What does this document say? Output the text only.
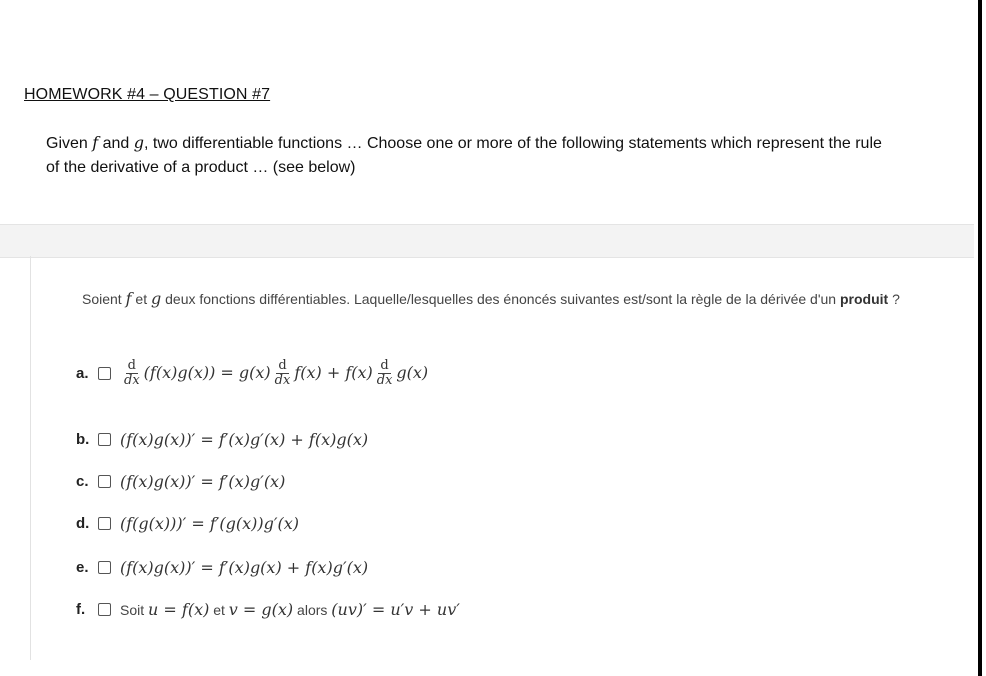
HOMEWORK #4 – QUESTION #7
Given f and g, two differentiable functions … Choose one or more of the following statements which represent the rule of the derivative of a product … (see below)
Soient f et g deux fonctions différentiables. Laquelle/lesquelles des énoncés suivantes est/sont la règle de la dérivée d'un produit ?
a.	$\frac{d}{dx} (f(x)g(x)) = g(x) \frac{d}{dx} f(x) + f(x) \frac{d}{dx} g(x)$
b.	(f(x)g(x))′ = f′(x)g′(x) + f(x)g(x)
c.	(f(x)g(x))′ = f′(x)g′(x)
d.	(f(g(x)))′ = f′(g(x))g′(x)
e.	(f(x)g(x))′ = f′(x)g(x) + f(x)g′(x)
f.	Soit u = f(x) et v = g(x) alors (uv)′ = u′v + uv′
